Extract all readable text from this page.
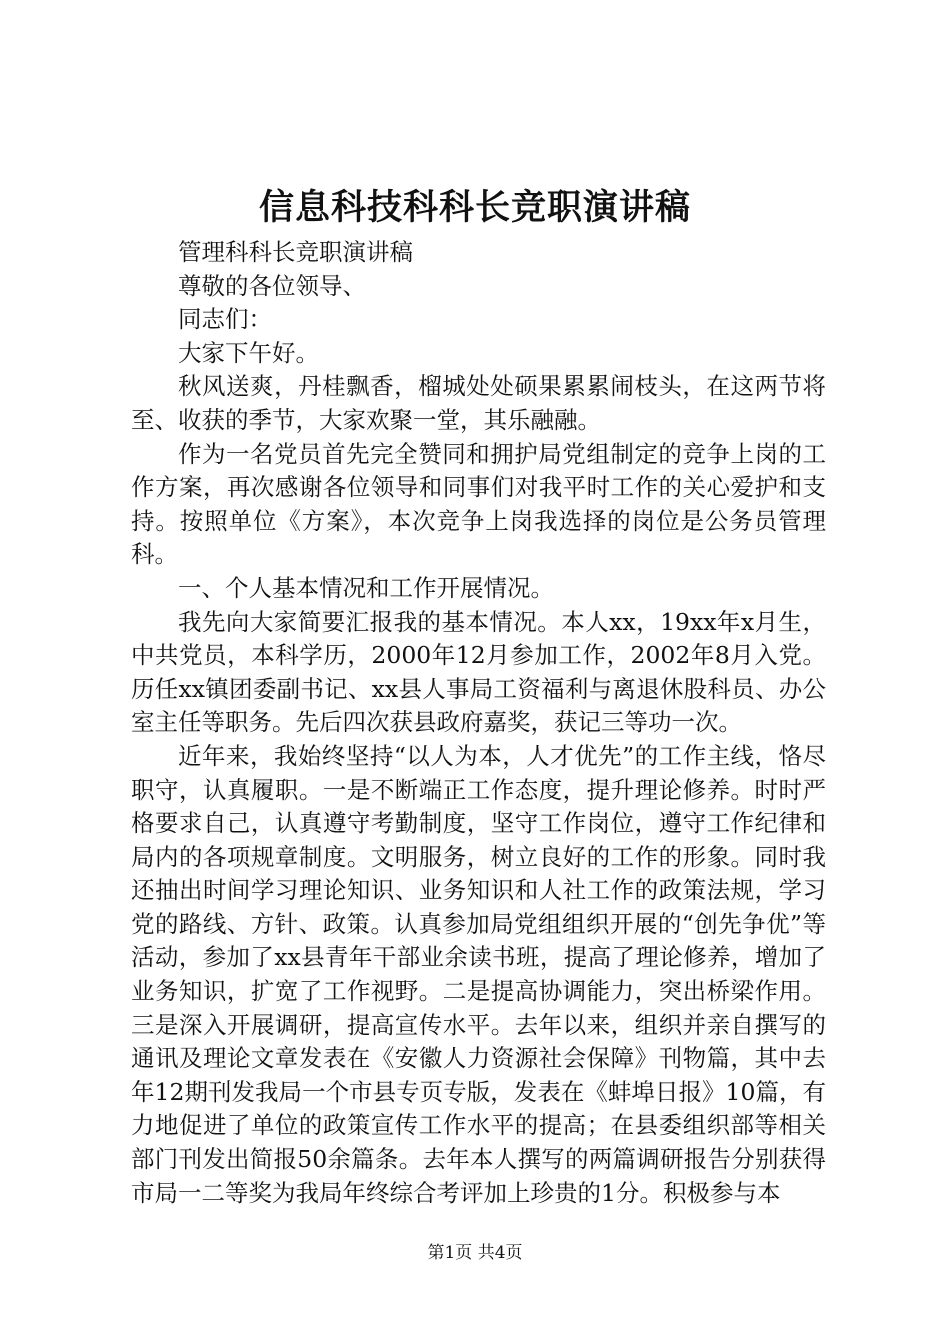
信息科技科科长竞职演讲稿

管理科科长竞职演讲稿

尊敬的各位领导、

同志们：

大家下午好。

秋风送爽，丹桂飘香，榴城处处硕果累累闹枝头，在这两节将至、收获的季节，大家欢聚一堂，其乐融融。

作为一名党员首先完全赞同和拥护局党组制定的竞争上岗的工作方案，再次感谢各位领导和同事们对我平时工作的关心爱护和支持。按照单位《方案》，本次竞争上岗我选择的岗位是公务员管理科。

一、个人基本情况和工作开展情况。

我先向大家简要汇报我的基本情况。本人xx，19xx年x月生，中共党员，本科学历，2000年12月参加工作，2002年8月入党。历任xx镇团委副书记、xx县人事局工资福利与离退休股科员、办公室主任等职务。先后四次获县政府嘉奖，获记三等功一次。

近年来，我始终坚持“以人为本，人才优先”的工作主线，恪尽职守，认真履职。一是不断端正工作态度，提升理论修养。时时严格要求自己，认真遵守考勤制度，坚守工作岗位，遵守工作纪律和局内的各项规章制度。文明服务，树立良好的工作的形象。同时我还抽出时间学习理论知识、业务知识和人社工作的政策法规，学习党的路线、方针、政策。认真参加局党组组织开展的“创先争优”等活动，参加了xx县青年干部业余读书班，提高了理论修养，增加了业务知识，扩宽了工作视野。二是提高协调能力，突出桥梁作用。三是深入开展调研，提高宣传水平。去年以来，组织并亲自撰写的通讯及理论文章发表在《安徽人力资源社会保障》刊物篇，其中去年12期刊发我局一个市县专页专版，发表在《蚌埠日报》10篇，有力地促进了单位的政策宣传工作水平的提高；在县委组织部等相关部门刊发出简报50余篇条。去年本人撰写的两篇调研报告分别获得市局一二等奖为我局年终综合考评加上珍贵的1分。积极参与本

第1页 共4页
